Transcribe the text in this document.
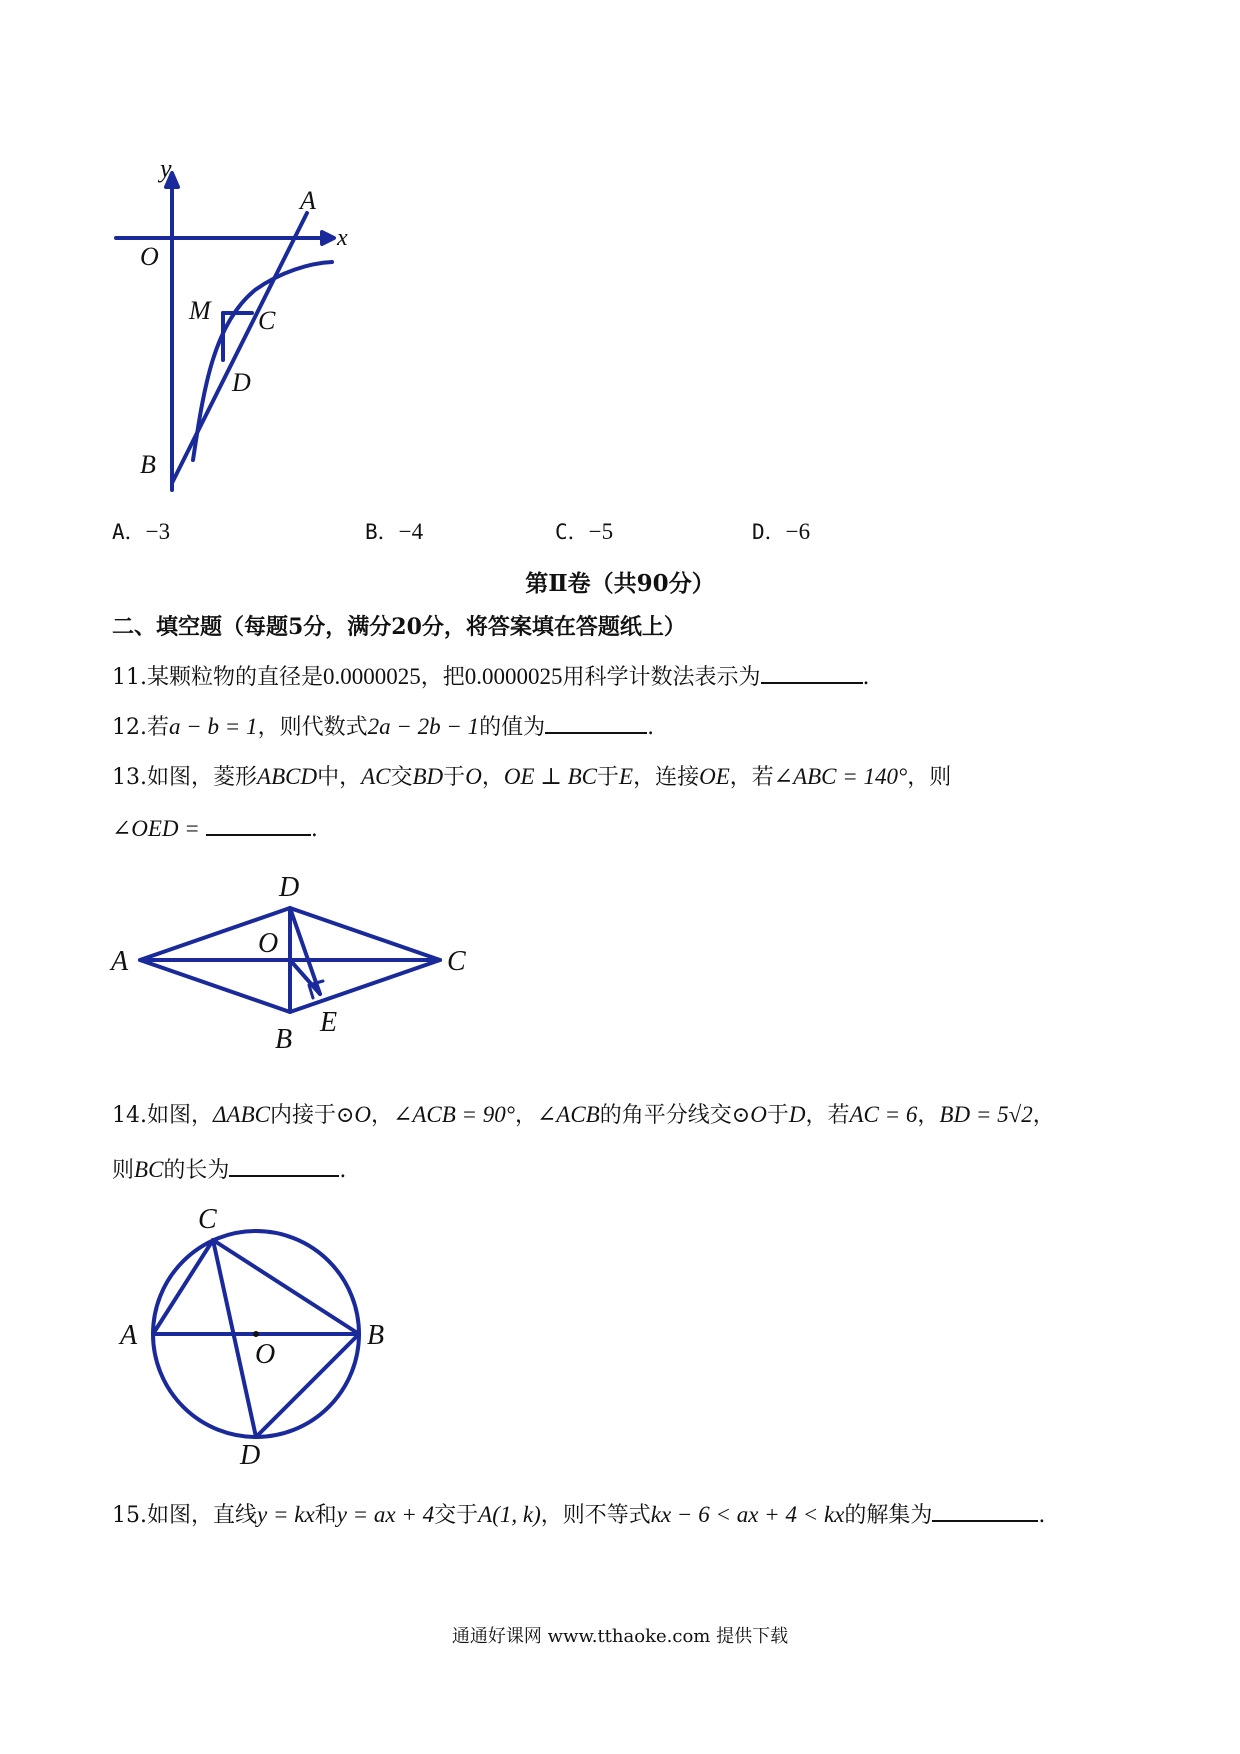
y
x
O
A
M C
D
B
A．−3	B．−4	C．−5	D．−6
第Ⅱ卷（共90分）
二、填空题（每题5分，满分20分，将答案填在答题纸上）
11.某颗粒物的直径是0.0000025，把0.0000025用科学计数法表示为	.
12.若a − b = 1，则代数式2a − 2b − 1的值为	.
13.如图，菱形ABCD中，AC交BD于O，OE ⊥ BC于E，连接OE，若∠ABC = 140°，则
∠OED =	.
D
O
A	C
B
E
14.如图，ΔABC内接于⊙O，∠ACB = 90°，∠ACB的角平分线交⊙O于D，若AC = 6，BD = 5√2，
则BC的长为	.
C
A
O
B
D
15.如图，直线y = kx和y = ax + 4交于A(1, k)，则不等式kx − 6 < ax + 4 < kx的解集为	.
通通好课网 www.tthaoke.com 提供下载
